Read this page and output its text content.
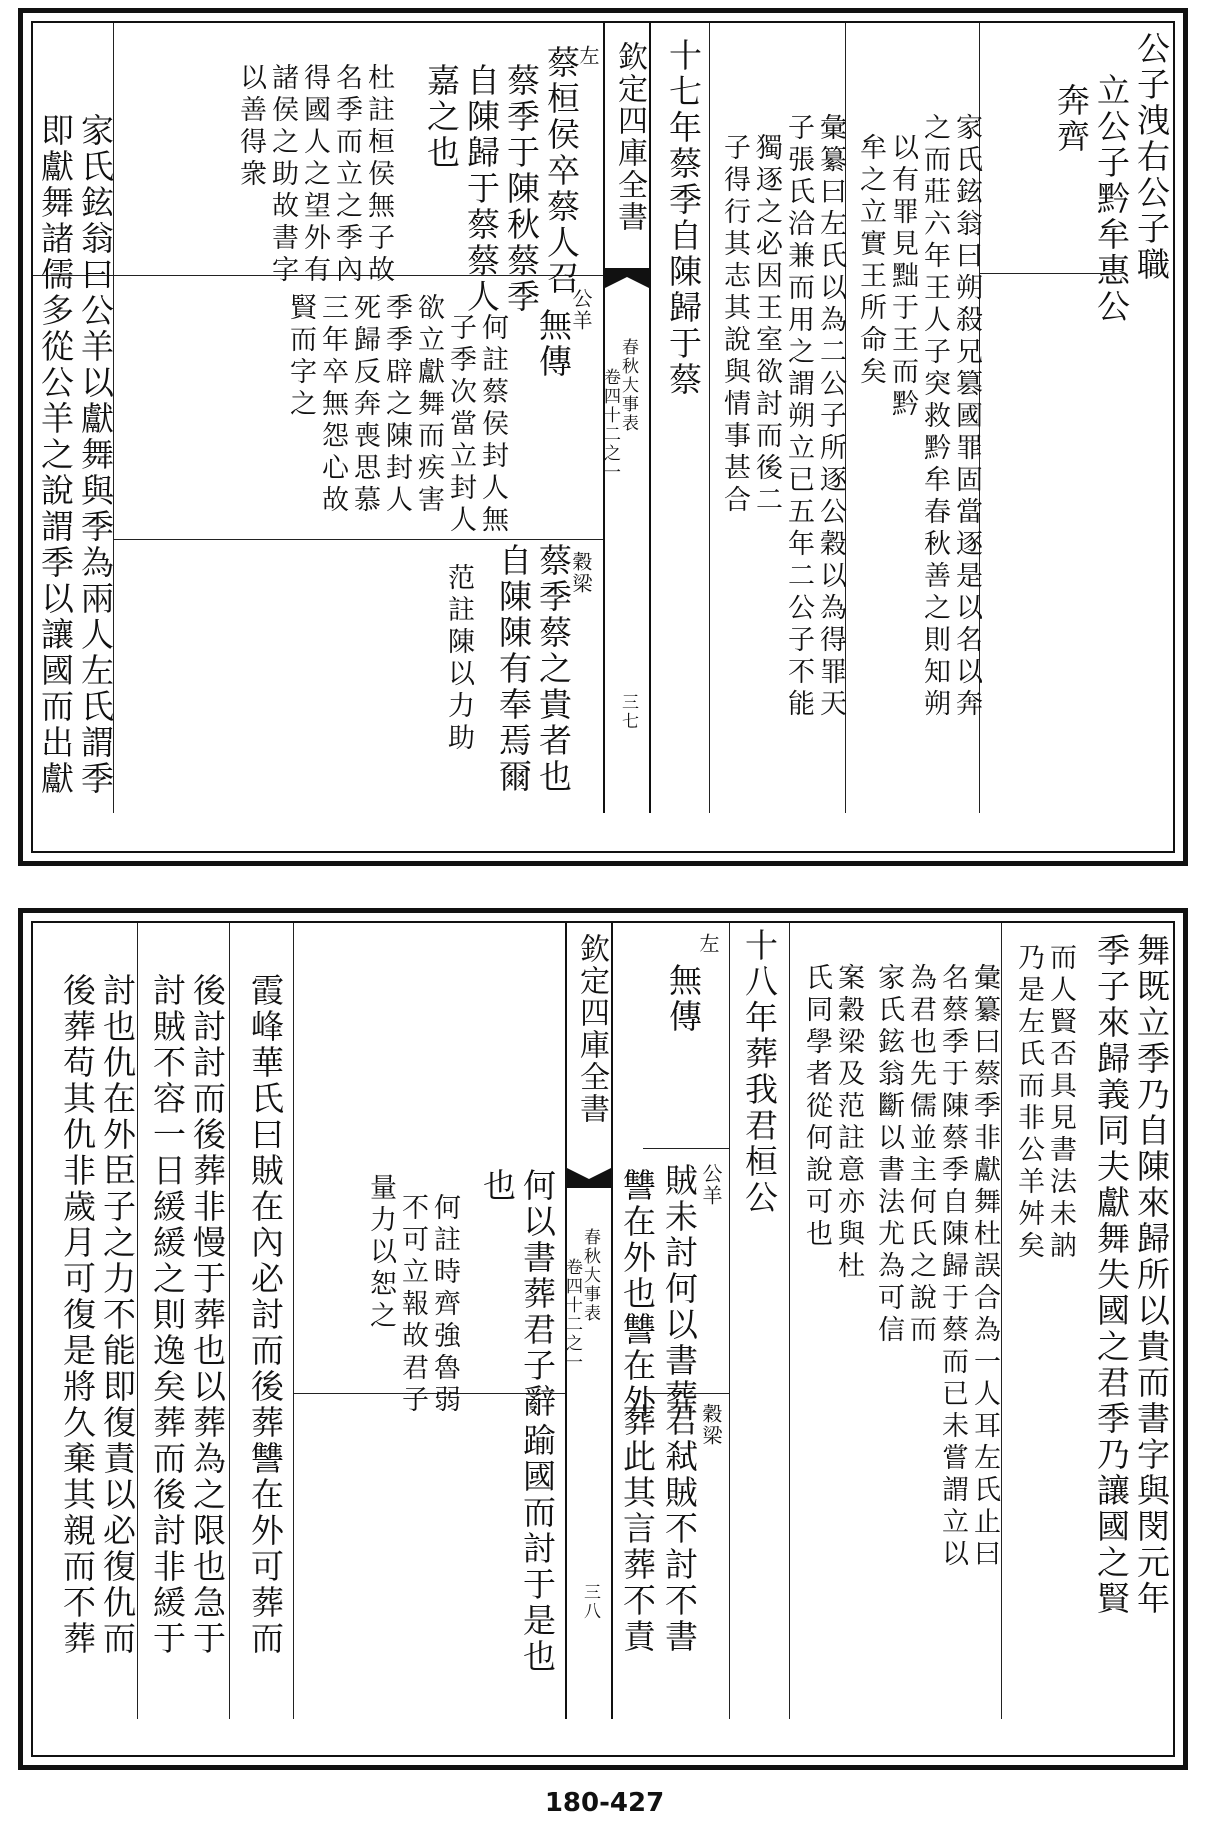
公子洩右公子職
立公子黔牟惠公
奔齊
家氏鉉翁曰朔殺兄篡國罪固當逐是以名以奔
之而莊六年王人子突救黔牟春秋善之則知朔
以有罪見黜于王而黔
牟之立實王所命矣
彙纂曰左氏以為二公子所逐公穀以為得罪天
子張氏洽兼而用之謂朔立已五年二公子不能
獨逐之必因王室欲討而後二
子得行其志其說與情事甚合
十七年蔡季自陳歸于蔡
欽定四庫全書
春秋大事表
卷四十二之一
三七
左
蔡桓侯卒蔡人召
蔡季于陳秋蔡季
自陳歸于蔡蔡人
嘉之也
杜註桓侯無子故
名季而立之季內
得國人之望外有
諸侯之助故書字
以善得衆
公羊
無傳
何註蔡侯封人無
子季次當立封人
欲立獻舞而疾害
季季辟之陳封人
死歸反奔喪思慕
三年卒無怨心故
賢而字之
穀梁
蔡季蔡之貴者也
自陳陳有奉焉爾
范註陳以力助
家氏鉉翁曰公羊以獻舞與季為兩人左氏謂季
即獻舞諸儒多從公羊之說謂季以讓國而出獻
舞既立季乃自陳來歸所以貴而書字與閔元年
季子來歸義同夫獻舞失國之君季乃讓國之賢
而人賢否具見書法未訥
乃是左氏而非公羊舛矣
彙纂曰蔡季非獻舞杜誤合為一人耳左氏止曰
名蔡季于陳蔡季自陳歸于蔡而已未嘗謂立以
為君也先儒並主何氏之說而
家氏鉉翁斷以書法尤為可信
案穀梁及范註意亦與杜
氏同學者從何說可也
十八年葬我君桓公
左
無傳
公羊
賊未討何以書葬
讐在外也讐在外
穀梁
君弒賊不討不書
葬此其言葬不責
欽定四庫全書
春秋大事表
卷四十二之一
三八
何以書葬君子辭
也
何註時齊強魯弱
不可立報故君子
量力以恕之
踰國而討于是也
霞峰華氏曰賊在內必討而後葬讐在外可葬而
後討討而後葬非慢于葬也以葬為之限也急于
討賊不容一日緩緩之則逸矣葬而後討非緩于
討也仇在外臣子之力不能即復責以必復仇而
後葬苟其仇非歲月可復是將久棄其親而不葬
180-427
